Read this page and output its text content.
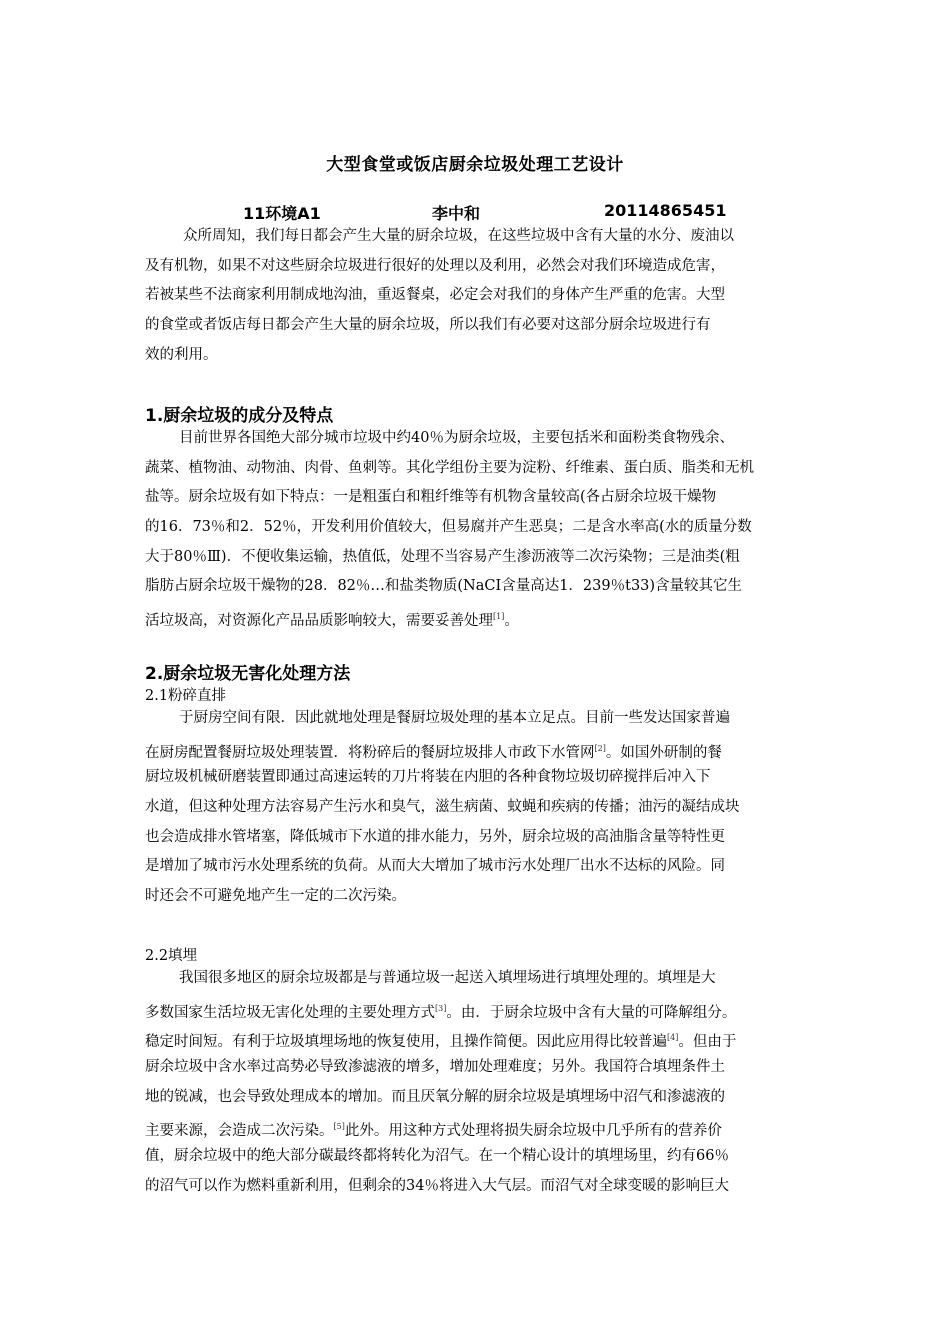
大型食堂或饭店厨余垃圾处理工艺设计
11环境A1	李中和	20114865451
众所周知，我们每日都会产生大量的厨余垃圾，在这些垃圾中含有大量的水分、废油以
及有机物，如果不对这些厨余垃圾进行很好的处理以及利用，必然会对我们环境造成危害，
若被某些不法商家利用制成地沟油，重返餐桌，必定会对我们的身体产生严重的危害。大型
的食堂或者饭店每日都会产生大量的厨余垃圾，所以我们有必要对这部分厨余垃圾进行有
效的利用。
1.厨余垃圾的成分及特点
目前世界各国绝大部分城市垃圾中约40％为厨余垃圾，主要包括米和面粉类食物残余、
蔬菜、植物油、动物油、肉骨、鱼刺等。其化学组份主要为淀粉、纤维素、蛋白质、脂类和无机
盐等。厨余垃圾有如下特点：一是粗蛋白和粗纤维等有机物含量较高(各占厨余垃圾干燥物
的16．73％和2．52％，开发利用价值较大，但易腐并产生恶臭；二是含水率高(水的质量分数
大于80％Ⅲ)．不便收集运输，热值低，处理不当容易产生渗沥液等二次污染物；三是油类(粗
脂肪占厨余垃圾干燥物的28．82％…和盐类物质(NaCI含量高达1．239％t33)含量较其它生
活垃圾高，对资源化产品品质影响较大，需要妥善处理[1]。
2.厨余垃圾无害化处理方法
2.1粉碎直排
于厨房空间有限．因此就地处理是餐厨垃圾处理的基本立足点。目前一些发达国家普遍
在厨房配置餐厨垃圾处理装置．将粉碎后的餐厨垃圾排人市政下水管网[2]。如国外研制的餐
厨垃圾机械研磨装置即通过高速运转的刀片将装在内胆的各种食物垃圾切碎搅拌后冲入下
水道，但这种处理方法容易产生污水和臭气，滋生病菌、蚊蝇和疾病的传播；油污的凝结成块
也会造成排水管堵塞，降低城市下水道的排水能力，另外，厨余垃圾的高油脂含量等特性更
是增加了城市污水处理系统的负荷。从而大大增加了城市污水处理厂出水不达标的风险。同
时还会不可避免地产生一定的二次污染。
2.2填埋
我国很多地区的厨余垃圾都是与普通垃圾一起送入填埋场进行填埋处理的。填埋是大
多数国家生活垃圾无害化处理的主要处理方式[3]。由．于厨余垃圾中含有大量的可降解组分。
稳定时间短。有利于垃圾填埋场地的恢复使用，且操作简便。因此应用得比较普遍[4]。但由于
厨余垃圾中含水率过高势必导致渗滤液的增多，增加处理难度；另外。我国符合填埋条件土
地的锐减，也会导致处理成本的增加。而且厌氧分解的厨余垃圾是填埋场中沼气和渗滤液的
主要来源，会造成二次污染。[5]此外。用这种方式处理将损失厨余垃圾中几乎所有的营养价
值，厨余垃圾中的绝大部分碳最终都将转化为沼气。在一个精心设计的填埋场里，约有66％
的沼气可以作为燃料重新利用，但剩余的34％将进入大气层。而沼气对全球变暖的影响巨大
